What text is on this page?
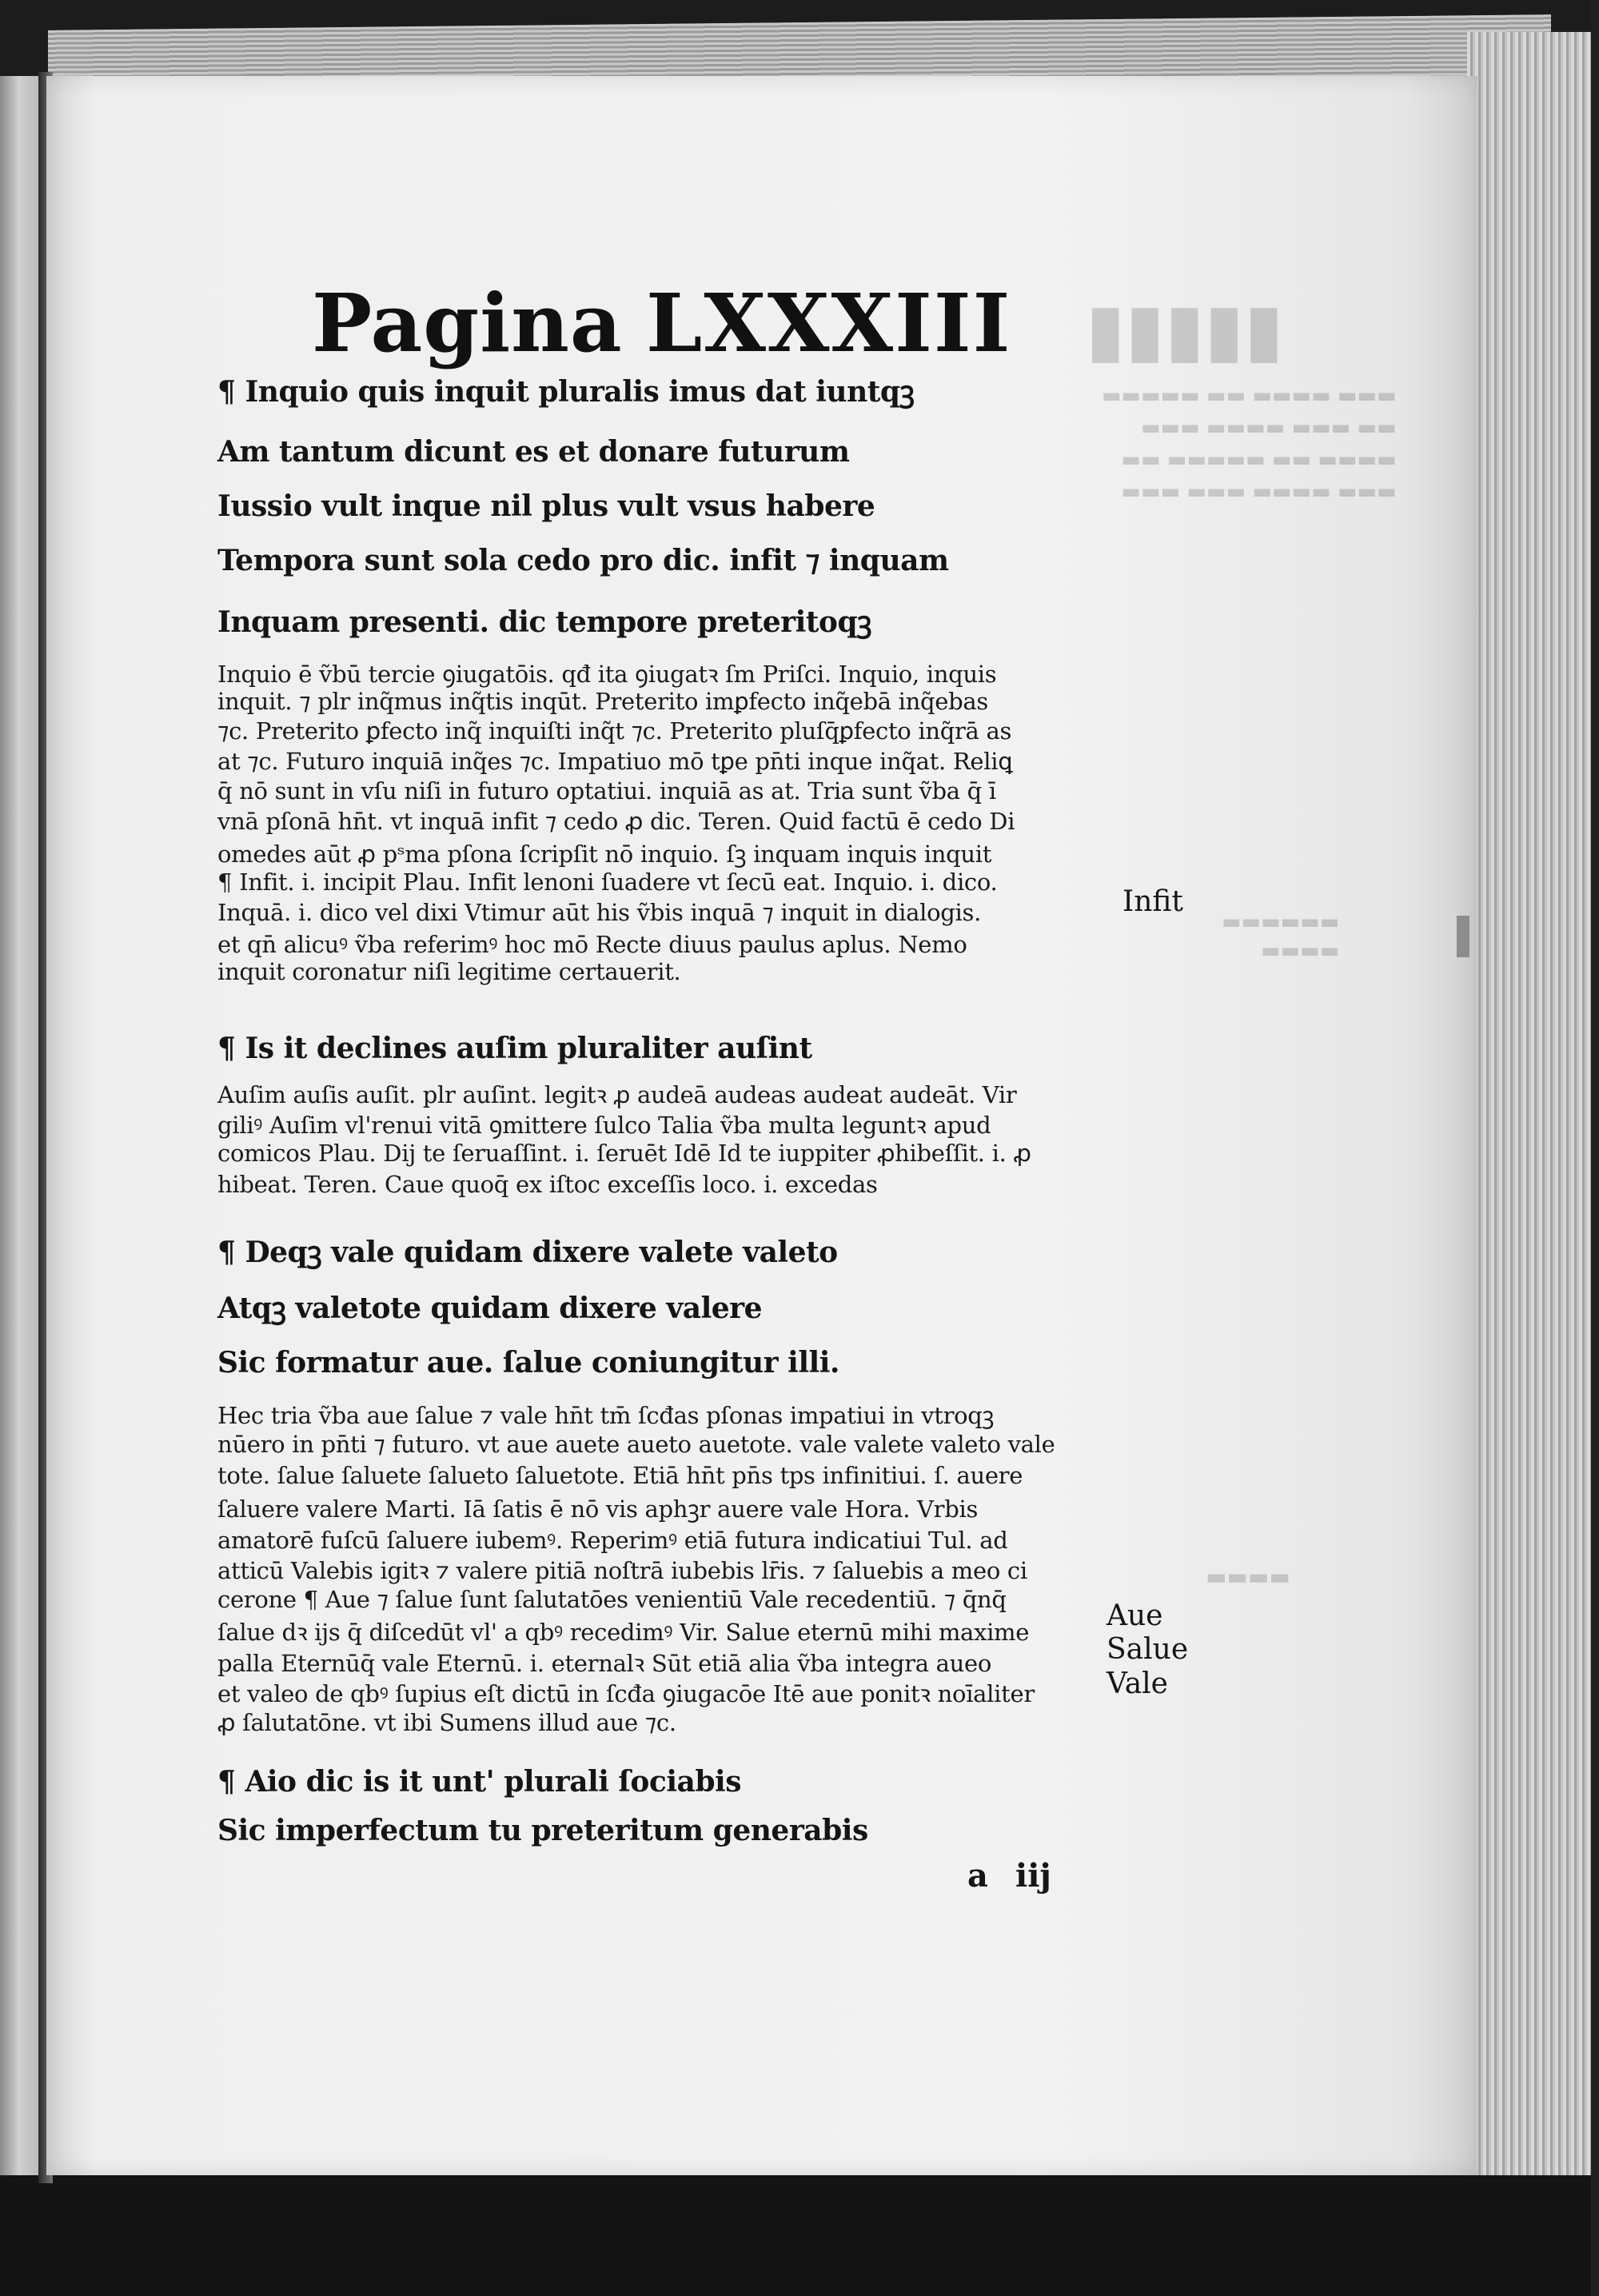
▮▮▮▮▮
▬▬▬ ▬▬▬▬ ▬▬ ▬▬▬▬▬
▬▬ ▬▬▬ ▬▬▬▬ ▬▬▬
▬▬▬▬ ▬▬ ▬▬▬▬▬ ▬▬
▬▬▬ ▬▬▬▬ ▬▬▬ ▬▬▬
▬▬▬▬▬▬
▬▬▬▬
▬▬▬▬
Pagina LXXXIII
¶ Inquio quis inquit pluralis imus dat iuntqꝫ
Am tantum dicunt es et donare futurum
Iussio vult inque nil plus vult vsus habere
Tempora sunt sola cedo pro dic. infit ⁊ inquam
Inquam presenti. dic tempore preteritoqꝫ
Inquio ē ṽbū tercie ꝯiugatōis. qđ ita ꝯiugatꝛ ſm Priſci. Inquio, inquis
inquit. ⁊ plr inq̃mus inq̃tis inqūt. Preterito imꝑfecto inq̃ebā inq̃ebas
⁊c. Preterito ꝑfecto inq̃ inquiſti inq̃t ⁊c. Preterito pluſq̄ꝑfecto inq̃rā as
at ⁊c. Futuro inquiā inq̃es ⁊c. Impatiuo mō tꝑe pn̄ti inque inq̃at. Reliꝗ
q̄ nō sunt in vſu niſi in futuro optatiui. inquiā as at. Tria sunt ṽba q̄ ī
vnā pſonā hn̄t. vt inquā infit ⁊ cedo ꝓ dic. Teren. Quid factū ē cedo Di
omedes aūt ꝓ pˢma pſona ſcripſit nō inquio. ſꝫ inquam inquis inquit
¶ Infit. i. incipit Plau. Infit lenoni ſuadere vt ſecū eat. Inquio. i. dico.
Inquā. i. dico vel dixi Vtimur aūt his ṽbis inquā ⁊ inquit in dialogis.
et qn̄ alicuꝰ ṽba referimꝰ hoc mō Recte diuus paulus aplus. Nemo
inquit coronatur niſi legitime certauerit.
¶ Is it declines auſim pluraliter auſint
Auſim auſis auſit. plr auſint. legitꝛ ꝓ audeā audeas audeat audeāt. Vir
giliꝰ Auſim vl'renui vitā ꝯmittere ſulco Talia ṽba multa leguntꝛ apud
comicos Plau. Dij te ſeruaſſint. i. ſeruēt Idē Id te iuppiter ꝓhibeſſit. i. ꝓ
hibeat. Teren. Caue quoq̄ ex iſtoc exceſſis loco. i. excedas
¶ Deqꝫ vale quidam dixere valete valeto
Atqꝫ valetote quidam dixere valere
Sic formatur aue. ſalue coniungitur illi.
Hec tria ṽba aue ſalue ⁊ vale hn̄t tm̄ ſcđas pſonas impatiui in vtroqꝫ
nūero in pn̄ti ⁊ futuro. vt aue auete aueto auetote. vale valete valeto vale
tote. ſalue ſaluete ſalueto ſaluetote. Etiā hn̄t pn̄s tps infinitiui. ſ. auere
ſaluere valere Marti. Iā ſatis ē nō vis aphꝫr auere vale Hora. Vrbis
amatorē fuſcū ſaluere iubemꝰ. Reperimꝰ etiā futura indicatiui Tul. ad
atticū Valebis igitꝛ ⁊ valere pitiā noſtrā iubebis lr̄is. ⁊ ſaluebis a meo ci
cerone ¶ Aue ⁊ ſalue ſunt ſalutatōes venientiū Vale recedentiū. ⁊ q̄nq̄
ſalue dꝛ ijs q̄ diſcedūt vl' a qbꝰ recedimꝰ Vir. Salue eternū mihi maxime
palla Eternūq̄ vale Eternū. i. eternalꝛ Sūt etiā alia ṽba integra aueo
et valeo de qbꝰ ſupius eſt dictū in ſcđa ꝯiugacōe Itē aue ponitꝛ noīaliter
ꝓ ſalutatōne. vt ibi Sumens illud aue ⁊c.
¶ Aio dic is it unt' plurali ſociabis
Sic imperfectum tu preteritum generabis
Infit
Aue
Salue
Vale
a iij
